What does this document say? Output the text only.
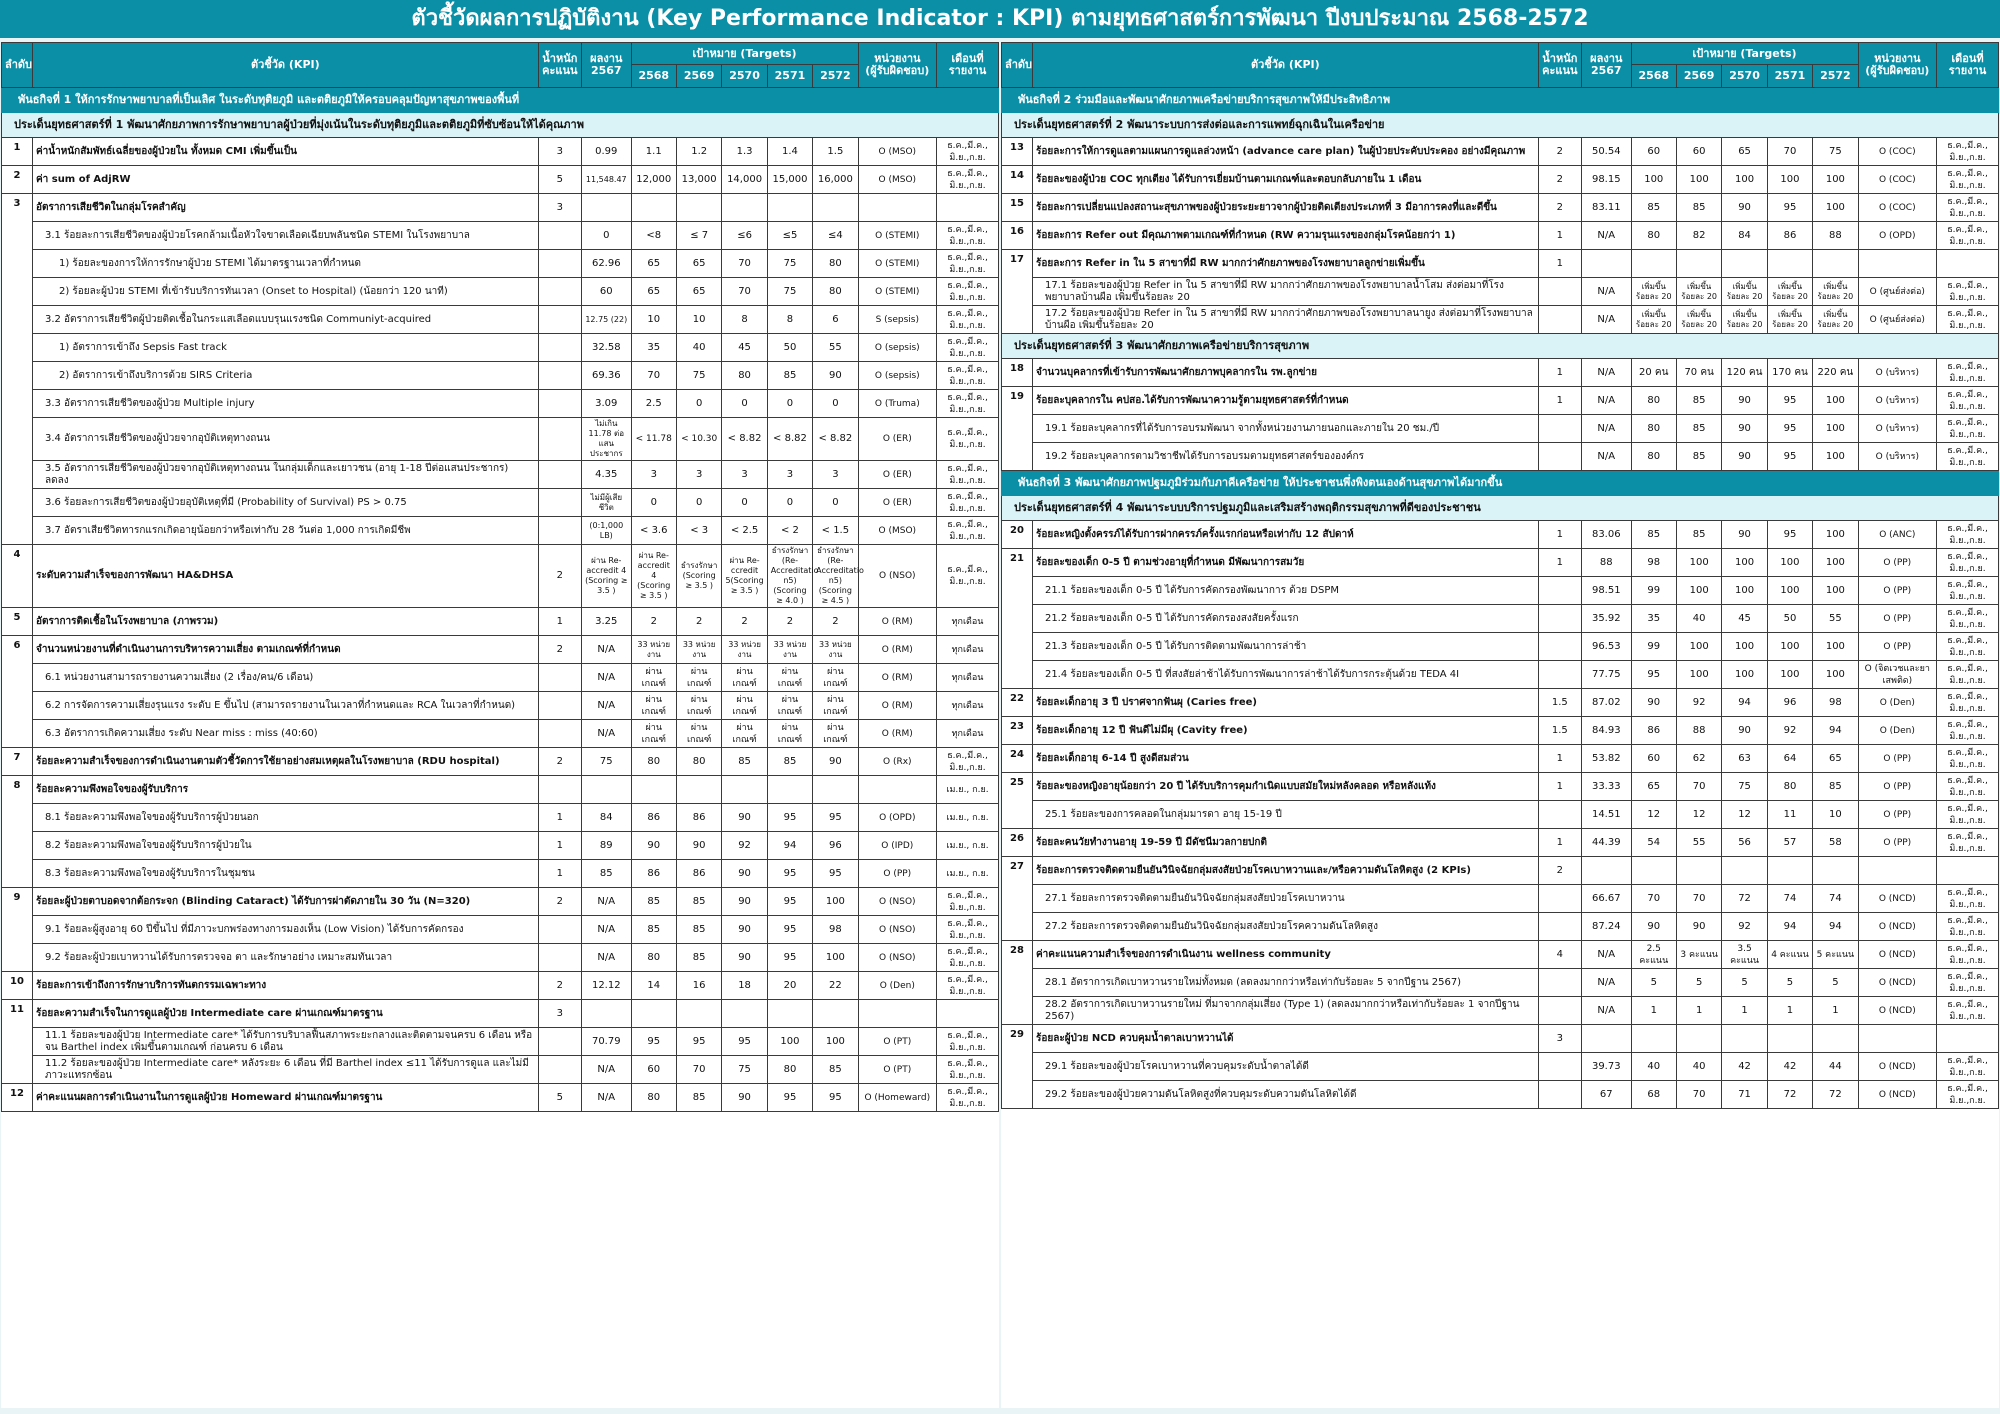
ตัวชี้วัดผลการปฏิบัติงาน (Key Performance Indicator : KPI) ตามยุทธศาสตร์การพัฒนา ปีงบประมาณ 2568-2572
ลำดับ	ตัวชี้วัด (KPI)	น้ำหนักคะแนน	ผลงาน 2567	เป้าหมาย (Targets)					หน่วยงาน (ผู้รับผิดชอบ)	เดือนที่รายงาน
				2568	2569	2570	2571	2572		
พันธกิจที่ 1 ให้การรักษาพยาบาลที่เป็นเลิศ ในระดับทุติยภูมิ และตติยภูมิให้ครอบคลุมปัญหาสุขภาพของพื้นที่										
ประเด็นยุทธศาสตร์ที่ 1 พัฒนาศักยภาพการรักษาพยาบาลผู้ป่วยที่มุ่งเน้นในระดับทุติยภูมิและตติยภูมิที่ซับซ้อนให้ได้คุณภาพ										
1	ค่าน้ำหนักสัมพัทธ์เฉลี่ยของผู้ป่วยใน ทั้งหมด CMI เพิ่มขึ้นเป็น	3	0.99	1.1	1.2	1.3	1.4	1.5	O (MSO)	ธ.ค.,มี.ค., มิ.ย.,ก.ย.
2	ค่า sum of AdjRW	5	11,548.47	12,000	13,000	14,000	15,000	16,000	O (MSO)	ธ.ค.,มี.ค., มิ.ย.,ก.ย.
3	อัตราการเสียชีวิตในกลุ่มโรคสำคัญ	3								
	3.1 ร้อยละการเสียชีวิตของผู้ป่วยโรคกล้ามเนื้อหัวใจขาดเลือดเฉียบพลันชนิด STEMI ในโรงพยาบาล		0	<8	≤ 7	≤6	≤5	≤4	O (STEMI)	ธ.ค.,มี.ค., มิ.ย.,ก.ย.
	1) ร้อยละของการให้การรักษาผู้ป่วย STEMI ได้มาตรฐานเวลาที่กำหนด		62.96	65	65	70	75	80	O (STEMI)	ธ.ค.,มี.ค., มิ.ย.,ก.ย.
	2) ร้อยละผู้ป่วย STEMI ที่เข้ารับบริการทันเวลา (Onset to Hospital) (น้อยกว่า 120 นาที)		60	65	65	70	75	80	O (STEMI)	ธ.ค.,มี.ค., มิ.ย.,ก.ย.
	3.2 อัตราการเสียชีวิตผู้ป่วยติดเชื้อในกระแสเลือดแบบรุนแรงชนิด Communiyt-acquired		12.75 (22)	10	10	8	8	6	S (sepsis)	ธ.ค.,มี.ค., มิ.ย.,ก.ย.
	1) อัตราการเข้าถึง Sepsis Fast track		32.58	35	40	45	50	55	O (sepsis)	ธ.ค.,มี.ค., มิ.ย.,ก.ย.
	2) อัตราการเข้าถึงบริการด้วย SIRS Criteria		69.36	70	75	80	85	90	O (sepsis)	ธ.ค.,มี.ค., มิ.ย.,ก.ย.
	3.3 อัตราการเสียชีวิตของผู้ป่วย Multiple injury		3.09	2.5	0	0	0	0	O (Truma)	ธ.ค.,มี.ค., มิ.ย.,ก.ย.
	3.4 อัตราการเสียชีวิตของผู้ป่วยจากอุบัติเหตุทางถนน		ไม่เกิน 11.78 ต่อแสนประชากร	< 11.78	< 10.30	< 8.82	< 8.82	< 8.82	O (ER)	ธ.ค.,มี.ค., มิ.ย.,ก.ย.
	3.5 อัตราการเสียชีวิตของผู้ป่วยจากอุบัติเหตุทางถนน ในกลุ่มเด็กและเยาวชน (อายุ 1-18 ปีต่อแสนประชากร) ลดลง		4.35	3	3	3	3	3	O (ER)	ธ.ค.,มี.ค., มิ.ย.,ก.ย.
	3.6 ร้อยละการเสียชีวิตของผู้ป่วยอุบัติเหตุที่มี (Probability of Survival) PS > 0.75		ไม่มีผู้เสียชีวิต	0	0	0	0	0	O (ER)	ธ.ค.,มี.ค., มิ.ย.,ก.ย.
	3.7 อัตราเสียชีวิตทารกแรกเกิดอายุน้อยกว่าหรือเท่ากับ 28 วันต่อ 1,000 การเกิดมีชีพ		(0:1,000 LB)	< 3.6	< 3	< 2.5	< 2	< 1.5	O (MSO)	ธ.ค.,มี.ค., มิ.ย.,ก.ย.
4	ระดับความสำเร็จของการพัฒนา HA&DHSA	2	ผ่าน Re-accredit 4 (Scoring ≥ 3.5 )	ผ่าน Re-accredit 4 (Scoring ≥ 3.5 )	ธำรงรักษา (Scoring ≥ 3.5 )	ผ่าน Re-ccredit 5(Scoring ≥ 3.5 )	ธำรงรักษา (Re-Accreditatio n5)(Scoring ≥ 4.0 )	ธำรงรักษา (Re-Accreditatio n5)(Scoring ≥ 4.5 )	O (NSO)	ธ.ค.,มี.ค., มิ.ย.,ก.ย.
5	อัตราการติดเชื้อในโรงพยาบาล (ภาพรวม)	1	3.25	2	2	2	2	2	O (RM)	ทุกเดือน
6	จำนวนหน่วยงานที่ดำเนินงานการบริหารความเสี่ยง ตามเกณฑ์ที่กำหนด	2	N/A	33 หน่วยงาน	33 หน่วยงาน	33 หน่วยงาน	33 หน่วยงาน	33 หน่วยงาน	O (RM)	ทุกเดือน
	6.1 หน่วยงานสามารถรายงานความเสี่ยง (2 เรื่อง/คน/6 เดือน)		N/A	ผ่านเกณฑ์	ผ่านเกณฑ์	ผ่านเกณฑ์	ผ่านเกณฑ์	ผ่านเกณฑ์	O (RM)	ทุกเดือน
	6.2 การจัดการความเสี่ยงรุนแรง ระดับ E ขึ้นไป (สามารถรายงานในเวลาที่กำหนดและ RCA ในเวลาที่กำหนด)		N/A	ผ่านเกณฑ์	ผ่านเกณฑ์	ผ่านเกณฑ์	ผ่านเกณฑ์	ผ่านเกณฑ์	O (RM)	ทุกเดือน
	6.3 อัตราการเกิดความเสี่ยง ระดับ Near miss : miss (40:60)		N/A	ผ่านเกณฑ์	ผ่านเกณฑ์	ผ่านเกณฑ์	ผ่านเกณฑ์	ผ่านเกณฑ์	O (RM)	ทุกเดือน
7	ร้อยละความสำเร็จของการดำเนินงานตามตัวชี้วัดการใช้ยาอย่างสมเหตุผลในโรงพยาบาล (RDU hospital)	2	75	80	80	85	85	90	O (Rx)	ธ.ค.,มี.ค., มิ.ย.,ก.ย.
8	ร้อยละความพึงพอใจของผู้รับบริการ									เม.ย., ก.ย.
	8.1 ร้อยละความพึงพอใจของผู้รับบริการผู้ป่วยนอก	1	84	86	86	90	95	95	O (OPD)	เม.ย., ก.ย.
	8.2 ร้อยละความพึงพอใจของผู้รับบริการผู้ป่วยใน	1	89	90	90	92	94	96	O (IPD)	เม.ย., ก.ย.
	8.3 ร้อยละความพึงพอใจของผู้รับบริการในชุมชน	1	85	86	86	90	95	95	O (PP)	เม.ย., ก.ย.
9	ร้อยละผู้ป่วยตาบอดจากต้อกระจก (Blinding Cataract) ได้รับการผ่าตัดภายใน 30 วัน (N=320)	2	N/A	85	85	90	95	100	O (NSO)	ธ.ค.,มี.ค., มิ.ย.,ก.ย.
	9.1 ร้อยละผู้สูงอายุ 60 ปีขึ้นไป ที่มีภาวะบกพร่องทางการมองเห็น (Low Vision) ได้รับการคัดกรอง		N/A	85	85	90	95	98	O (NSO)	ธ.ค.,มี.ค., มิ.ย.,ก.ย.
	9.2 ร้อยละผู้ป่วยเบาหวานได้รับการตรวจจอ ตา และรักษาอย่าง เหมาะสมทันเวลา		N/A	80	85	90	95	100	O (NSO)	ธ.ค.,มี.ค., มิ.ย.,ก.ย.
10	ร้อยละการเข้าถึงการรักษาบริการทันตกรรมเฉพาะทาง	2	12.12	14	16	18	20	22	O (Den)	ธ.ค.,มี.ค., มิ.ย.,ก.ย.
11	ร้อยละความสำเร็จในการดูแลผู้ป่วย Intermediate care ผ่านเกณฑ์มาตรฐาน	3								
	11.1 ร้อยละของผู้ป่วย Intermediate care* ได้รับการบริบาลฟื้นสภาพระยะกลางและติดตามจนครบ 6 เดือน หรือจน Barthel index เพิ่มขึ้นตามเกณฑ์ ก่อนครบ 6 เดือน		70.79	95	95	95	100	100	O (PT)	ธ.ค.,มี.ค., มิ.ย.,ก.ย.
	11.2 ร้อยละของผู้ป่วย Intermediate care* หลังระยะ 6 เดือน ที่มี Barthel index ≤11 ได้รับการดูแล และไม่มีภาวะแทรกซ้อน		N/A	60	70	75	80	85	O (PT)	ธ.ค.,มี.ค., มิ.ย.,ก.ย.
12	ค่าคะแนนผลการดำเนินงานในการดูแลผู้ป่วย Homeward ผ่านเกณฑ์มาตรฐาน	5	N/A	80	85	90	95	95	O (Homeward)	ธ.ค.,มี.ค., มิ.ย.,ก.ย.
ลำดับ	ตัวชี้วัด (KPI)	น้ำหนักคะแนน	ผลงาน 2567	เป้าหมาย (Targets)					หน่วยงาน (ผู้รับผิดชอบ)	เดือนที่รายงาน
				2568	2569	2570	2571	2572		
พันธกิจที่ 2 ร่วมมือและพัฒนาศักยภาพเครือข่ายบริการสุขภาพให้มีประสิทธิภาพ										
ประเด็นยุทธศาสตร์ที่ 2 พัฒนาระบบการส่งต่อและการแพทย์ฉุกเฉินในเครือข่าย										
13	ร้อยละการให้การดูแลตามแผนการดูแลล่วงหน้า (advance care plan) ในผู้ป่วยประคับประคอง อย่างมีคุณภาพ	2	50.54	60	60	65	70	75	O (COC)	ธ.ค.,มี.ค., มิ.ย.,ก.ย.
14	ร้อยละของผู้ป่วย COC ทุกเตียง ได้รับการเยี่ยมบ้านตามเกณฑ์และตอบกลับภายใน 1 เดือน	2	98.15	100	100	100	100	100	O (COC)	ธ.ค.,มี.ค., มิ.ย.,ก.ย.
15	ร้อยละการเปลี่ยนแปลงสถานะสุขภาพของผู้ป่วยระยะยาวจากผู้ป่วยติดเตียงประเภทที่ 3 มีอาการคงที่และดีขึ้น	2	83.11	85	85	90	95	100	O (COC)	ธ.ค.,มี.ค., มิ.ย.,ก.ย.
16	ร้อยละการ Refer out มีคุณภาพตามเกณฑ์ที่กำหนด (RW ความรุนแรงของกลุ่มโรคน้อยกว่า 1)	1	N/A	80	82	84	86	88	O (OPD)	ธ.ค.,มี.ค., มิ.ย.,ก.ย.
17	ร้อยละการ Refer in ใน 5 สาขาที่มี RW มากกว่าศักยภาพของโรงพยาบาลลูกข่ายเพิ่มขึ้น	1								
	17.1 ร้อยละของผู้ป่วย Refer in ใน 5 สาขาที่มี RW มากกว่าศักยภาพของโรงพยาบาลน้ำโสม ส่งต่อมาที่โรงพยาบาลบ้านผือ เพิ่มขึ้นร้อยละ 20		N/A	เพิ่มขึ้น ร้อยละ 20	เพิ่มขึ้น ร้อยละ 20	เพิ่มขึ้น ร้อยละ 20	เพิ่มขึ้น ร้อยละ 20	เพิ่มขึ้น ร้อยละ 20	O (ศูนย์ส่งต่อ)	ธ.ค.,มี.ค., มิ.ย.,ก.ย.
	17.2 ร้อยละของผู้ป่วย Refer in ใน 5 สาขาที่มี RW มากกว่าศักยภาพของโรงพยาบาลนายูง ส่งต่อมาที่โรงพยาบาลบ้านผือ เพิ่มขึ้นร้อยละ 20		N/A	เพิ่มขึ้น ร้อยละ 20	เพิ่มขึ้น ร้อยละ 20	เพิ่มขึ้น ร้อยละ 20	เพิ่มขึ้น ร้อยละ 20	เพิ่มขึ้น ร้อยละ 20	O (ศูนย์ส่งต่อ)	ธ.ค.,มี.ค., มิ.ย.,ก.ย.
ประเด็นยุทธศาสตร์ที่ 3 พัฒนาศักยภาพเครือข่ายบริการสุขภาพ										
18	จำนวนบุคลากรที่เข้ารับการพัฒนาศักยภาพบุคลากรใน รพ.ลูกข่าย	1	N/A	20 คน	70 คน	120 คน	170 คน	220 คน	O (บริหาร)	ธ.ค.,มี.ค., มิ.ย.,ก.ย.
19	ร้อยละบุคลากรใน คปสอ.ได้รับการพัฒนาความรู้ตามยุทธศาสตร์ที่กำหนด	1	N/A	80	85	90	95	100	O (บริหาร)	ธ.ค.,มี.ค., มิ.ย.,ก.ย.
	19.1 ร้อยละบุคลากรที่ได้รับการอบรมพัฒนา จากทั้งหน่วยงานภายนอกและภายใน 20 ชม./ปี		N/A	80	85	90	95	100	O (บริหาร)	ธ.ค.,มี.ค., มิ.ย.,ก.ย.
	19.2 ร้อยละบุคลากรตามวิชาชีพได้รับการอบรมตามยุทธศาสตร์ขององค์กร		N/A	80	85	90	95	100	O (บริหาร)	ธ.ค.,มี.ค., มิ.ย.,ก.ย.
พันธกิจที่ 3 พัฒนาศักยภาพปฐมภูมิร่วมกับภาคีเครือข่าย ให้ประชาชนพึ่งพิงตนเองด้านสุขภาพได้มากขึ้น										
ประเด็นยุทธศาสตร์ที่ 4 พัฒนาระบบบริการปฐมภูมิและเสริมสร้างพฤติกรรมสุขภาพที่ดีของประชาชน										
20	ร้อยละหญิงตั้งครรภ์ได้รับการฝากครรภ์ครั้งแรกก่อนหรือเท่ากับ 12 สัปดาห์	1	83.06	85	85	90	95	100	O (ANC)	ธ.ค.,มี.ค., มิ.ย.,ก.ย.
21	ร้อยละของเด็ก 0-5 ปี ตามช่วงอายุที่กำหนด มีพัฒนาการสมวัย	1	88	98	100	100	100	100	O (PP)	ธ.ค.,มี.ค., มิ.ย.,ก.ย.
	21.1 ร้อยละของเด็ก 0-5 ปี ได้รับการคัดกรองพัฒนาการ ด้วย DSPM		98.51	99	100	100	100	100	O (PP)	ธ.ค.,มี.ค., มิ.ย.,ก.ย.
	21.2 ร้อยละของเด็ก 0-5 ปี ได้รับการคัดกรองสงสัยครั้งแรก		35.92	35	40	45	50	55	O (PP)	ธ.ค.,มี.ค., มิ.ย.,ก.ย.
	21.3 ร้อยละของเด็ก 0-5 ปี ได้รับการติดตามพัฒนาการล่าช้า		96.53	99	100	100	100	100	O (PP)	ธ.ค.,มี.ค., มิ.ย.,ก.ย.
	21.4 ร้อยละของเด็ก 0-5 ปี ที่สงสัยล่าช้าได้รับการพัฒนาการล่าช้าได้รับการกระตุ้นด้วย TEDA 4I		77.75	95	100	100	100	100	O (จิตเวชและยาเสพติด)	ธ.ค.,มี.ค., มิ.ย.,ก.ย.
22	ร้อยละเด็กอายุ 3 ปี ปราศจากฟันผุ (Caries free)	1.5	87.02	90	92	94	96	98	O (Den)	ธ.ค.,มี.ค., มิ.ย.,ก.ย.
23	ร้อยละเด็กอายุ 12 ปี ฟันดีไม่มีผุ (Cavity free)	1.5	84.93	86	88	90	92	94	O (Den)	ธ.ค.,มี.ค., มิ.ย.,ก.ย.
24	ร้อยละเด็กอายุ 6-14 ปี สูงดีสมส่วน	1	53.82	60	62	63	64	65	O (PP)	ธ.ค.,มี.ค., มิ.ย.,ก.ย.
25	ร้อยละของหญิงอายุน้อยกว่า 20 ปี ได้รับบริการคุมกำเนิดแบบสมัยใหม่หลังคลอด หรือหลังแท้ง	1	33.33	65	70	75	80	85	O (PP)	ธ.ค.,มี.ค., มิ.ย.,ก.ย.
	25.1 ร้อยละของการคลอดในกลุ่มมารดา อายุ 15-19 ปี		14.51	12	12	12	11	10	O (PP)	ธ.ค.,มี.ค., มิ.ย.,ก.ย.
26	ร้อยละคนวัยทำงานอายุ 19-59 ปี มีดัชนีมวลกายปกติ	1	44.39	54	55	56	57	58	O (PP)	ธ.ค.,มี.ค., มิ.ย.,ก.ย.
27	ร้อยละการตรวจติดตามยืนยันวินิจฉัยกลุ่มสงสัยป่วยโรคเบาหวานและ/หรือความดันโลหิตสูง (2 KPIs)	2								
	27.1 ร้อยละการตรวจติดตามยืนยันวินิจฉัยกลุ่มสงสัยป่วยโรคเบาหวาน		66.67	70	70	72	74	74	O (NCD)	ธ.ค.,มี.ค., มิ.ย.,ก.ย.
	27.2 ร้อยละการตรวจติดตามยืนยันวินิจฉัยกลุ่มสงสัยป่วยโรคความดันโลหิตสูง		87.24	90	90	92	94	94	O (NCD)	ธ.ค.,มี.ค., มิ.ย.,ก.ย.
28	ค่าคะแนนความสำเร็จของการดำเนินงาน wellness community	4	N/A	2.5 คะแนน	3 คะแนน	3.5 คะแนน	4 คะแนน	5 คะแนน	O (NCD)	ธ.ค.,มี.ค., มิ.ย.,ก.ย.
	28.1 อัตราการเกิดเบาหวานรายใหม่ทั้งหมด (ลดลงมากกว่าหรือเท่ากับร้อยละ 5 จากปีฐาน 2567)		N/A	5	5	5	5	5	O (NCD)	ธ.ค.,มี.ค., มิ.ย.,ก.ย.
	28.2 อัตราการเกิดเบาหวานรายใหม่ ที่มาจากกลุ่มเสี่ยง (Type 1) (ลดลงมากกว่าหรือเท่ากับร้อยละ 1 จากปีฐาน 2567)		N/A	1	1	1	1	1	O (NCD)	ธ.ค.,มี.ค., มิ.ย.,ก.ย.
29	ร้อยละผู้ป่วย NCD ควบคุมน้ำตาลเบาหวานได้	3								
	29.1 ร้อยละของผู้ป่วยโรคเบาหวานที่ควบคุมระดับน้ำตาลได้ดี		39.73	40	40	42	42	44	O (NCD)	ธ.ค.,มี.ค., มิ.ย.,ก.ย.
	29.2 ร้อยละของผู้ป่วยความดันโลหิตสูงที่ควบคุมระดับความดันโลหิตได้ดี		67	68	70	71	72	72	O (NCD)	ธ.ค.,มี.ค., มิ.ย.,ก.ย.
